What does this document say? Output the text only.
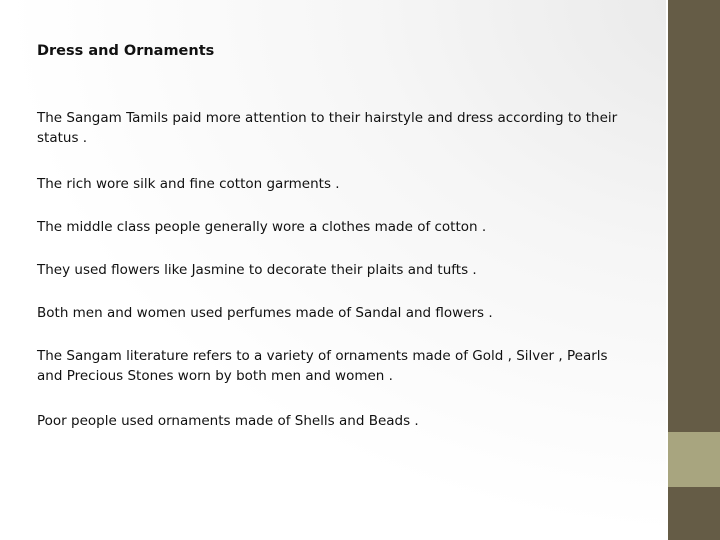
Dress and Ornaments

The Sangam Tamils paid more attention to their hairstyle and dress according to their status .

The rich wore silk and fine cotton garments .

The middle class people generally wore a clothes made of cotton .

They used flowers like Jasmine to decorate their plaits and tufts .

Both men and women used perfumes made of Sandal and flowers .

The Sangam literature refers to a variety of ornaments made of Gold , Silver , Pearls and Precious Stones worn by both men and women .

Poor people used ornaments made of Shells and Beads .
